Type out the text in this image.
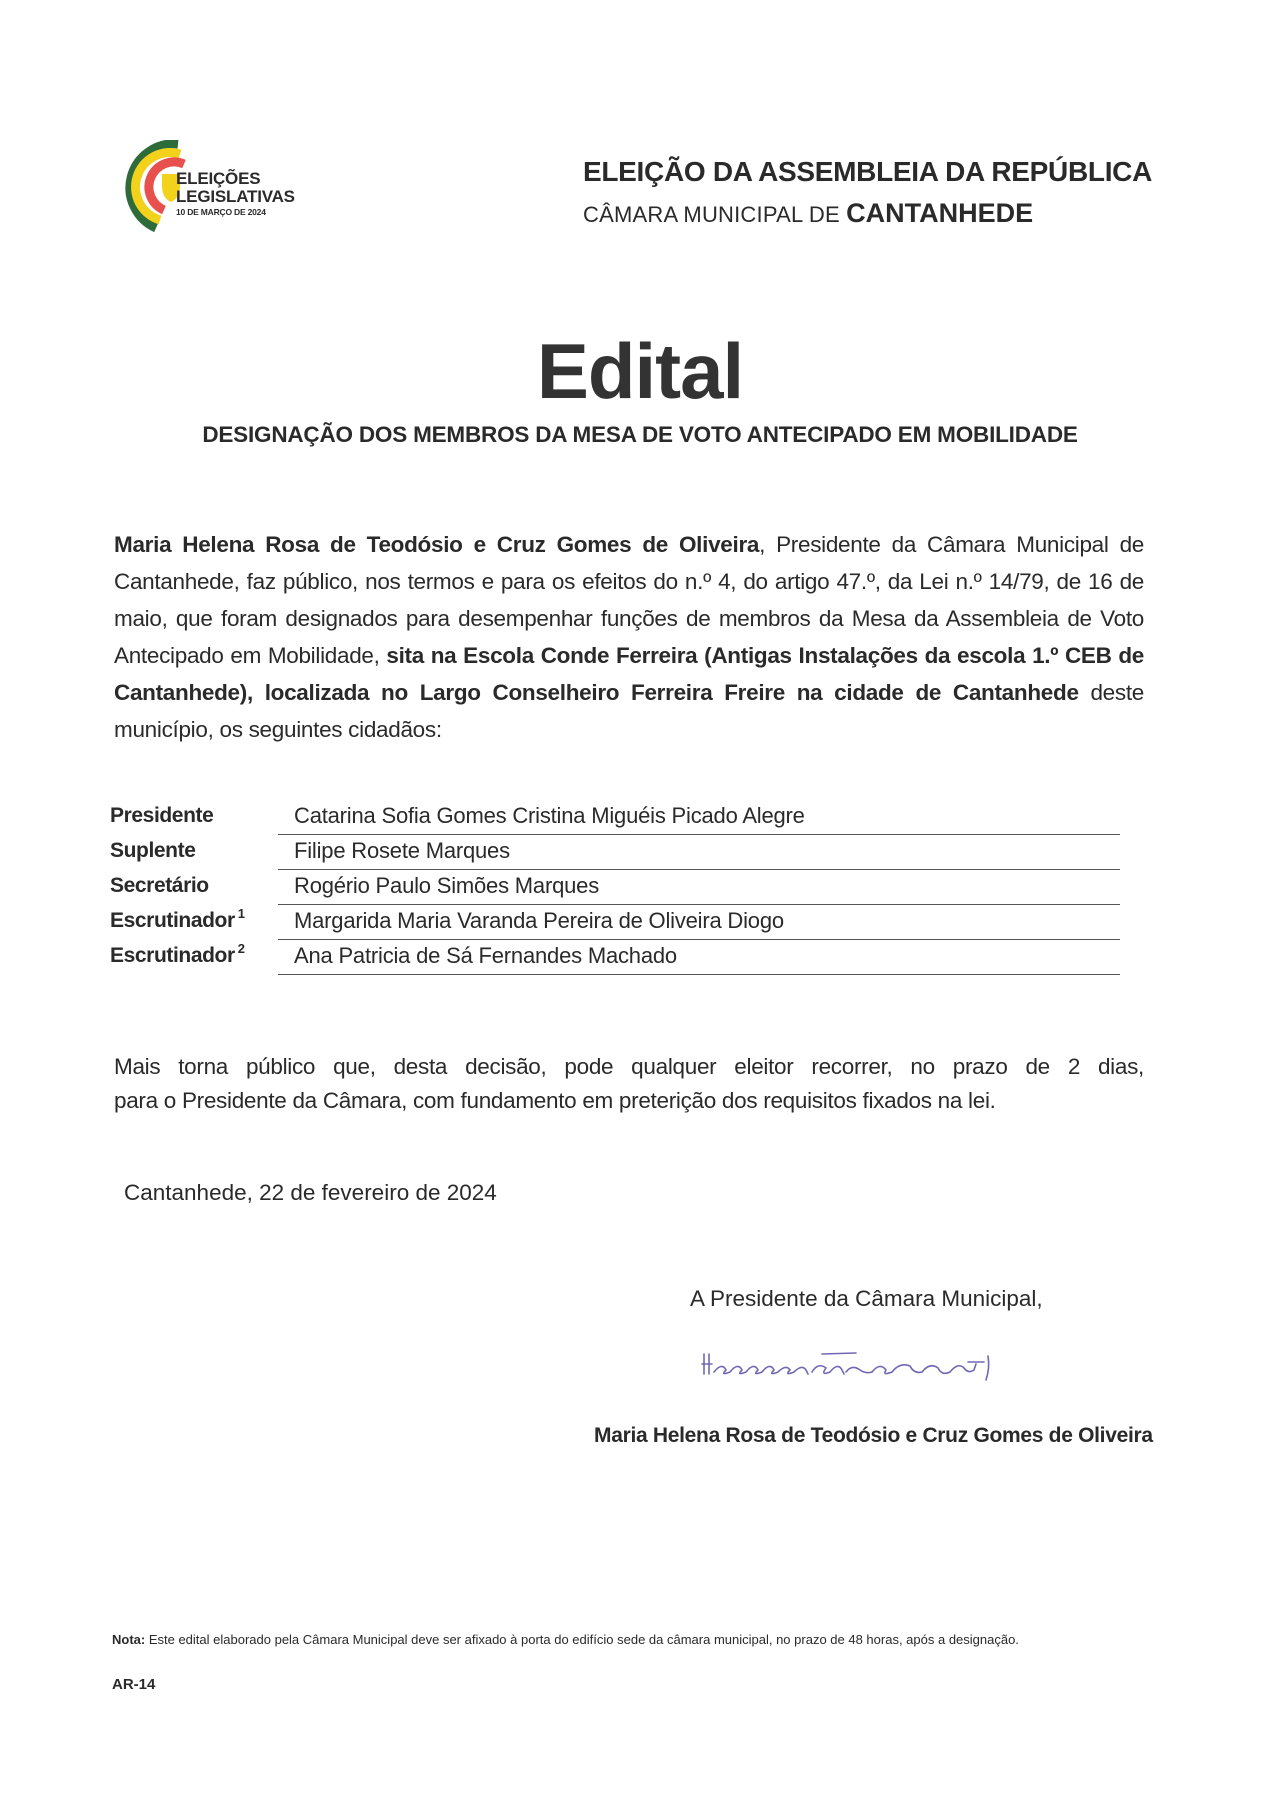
ELEIÇÕES
LEGISLATIVAS
10 DE MARÇO DE 2024
ELEIÇÃO DA ASSEMBLEIA DA REPÚBLICA
CÂMARA MUNICIPAL DE CANTANHEDE
Edital
DESIGNAÇÃO DOS MEMBROS DA MESA DE VOTO ANTECIPADO EM MOBILIDADE
Maria Helena Rosa de Teodósio e Cruz Gomes de Oliveira, Presidente da Câmara Municipal de Cantanhede, faz público, nos termos e para os efeitos do n.º 4, do artigo 47.º, da Lei n.º 14/79, de 16 de maio, que foram designados para desempenhar funções de membros da Mesa da Assembleia de Voto Antecipado em Mobilidade, sita na Escola Conde Ferreira (Antigas Instalações da escola 1.º CEB de Cantanhede), localizada no Largo Conselheiro Ferreira Freire na cidade de Cantanhede deste município, os seguintes cidadãos:
Presidente	Catarina Sofia Gomes Cristina Miguéis Picado Alegre
Suplente	Filipe Rosete Marques
Secretário	Rogério Paulo Simões Marques
Escrutinador $^1$ Margarida Maria Varanda Pereira de Oliveira Diogo
Escrutinador $^2$ Ana Patricia de Sá Fernandes Machado
Mais torna público que, desta decisão, pode qualquer eleitor recorrer, no prazo de 2 dias,
para o Presidente da Câmara, com fundamento em preterição dos requisitos fixados na lei.
Cantanhede, 22 de fevereiro de 2024
A Presidente da Câmara Municipal,
Maria Helena Rosa de Teodósio e Cruz Gomes de Oliveira
Nota: Este edital elaborado pela Câmara Municipal deve ser afixado à porta do edifício sede da câmara municipal, no prazo de 48 horas, após a designação.
AR-14
